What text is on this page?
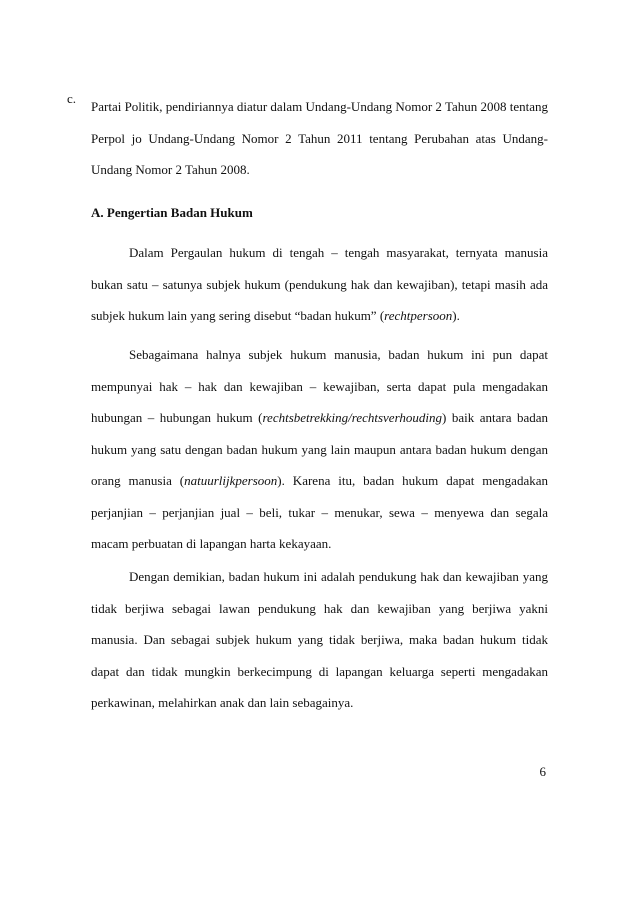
c.
Partai Politik, pendiriannya diatur dalam Undang-Undang Nomor 2 Tahun 2008 tentang Perpol jo Undang-Undang Nomor 2 Tahun 2011 tentang Perubahan atas Undang-Undang Nomor 2 Tahun 2008.
A. Pengertian Badan Hukum

Dalam Pergaulan hukum di tengah – tengah masyarakat, ternyata manusia bukan satu – satunya subjek hukum (pendukung hak dan kewajiban), tetapi masih ada subjek hukum lain yang sering disebut “badan hukum” (rechtpersoon).

Sebagaimana halnya subjek hukum manusia, badan hukum ini pun dapat mempunyai hak – hak dan kewajiban – kewajiban, serta dapat pula mengadakan hubungan – hubungan hukum (rechtsbetrekking/rechtsverhouding) baik antara badan hukum yang satu dengan badan hukum yang lain maupun antara badan hukum dengan orang manusia (natuurlijkpersoon). Karena itu, badan hukum dapat mengadakan perjanjian – perjanjian jual – beli, tukar – menukar, sewa – menyewa dan segala macam perbuatan di lapangan harta kekayaan.

Dengan demikian, badan hukum ini adalah pendukung hak dan kewajiban yang tidak berjiwa sebagai lawan pendukung hak dan kewajiban yang berjiwa yakni manusia. Dan sebagai subjek hukum yang tidak berjiwa, maka badan hukum tidak dapat dan tidak mungkin berkecimpung di lapangan keluarga seperti mengadakan perkawinan, melahirkan anak dan lain sebagainya.

6
